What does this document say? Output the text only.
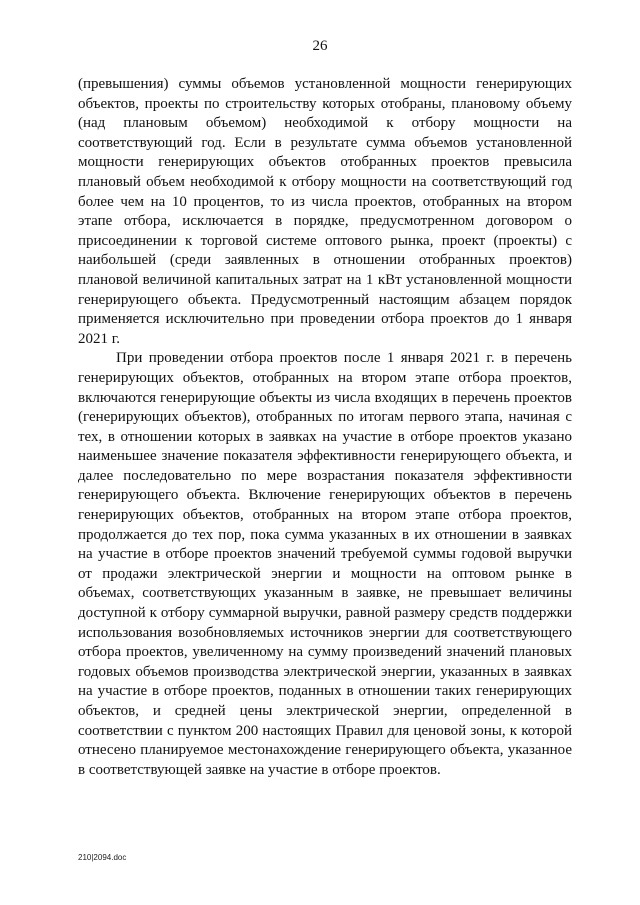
26

(превышения) суммы объемов установленной мощности генерирующих объектов, проекты по строительству которых отобраны, плановому объему (над плановым объемом) необходимой к отбору мощности на соответствующий год. Если в результате сумма объемов установленной мощности генерирующих объектов отобранных проектов превысила плановый объем необходимой к отбору мощности на соответствующий год более чем на 10 процентов, то из числа проектов, отобранных на втором этапе отбора, исключается в порядке, предусмотренном договором о присоединении к торговой системе оптового рынка, проект (проекты) с наибольшей (среди заявленных в отношении отобранных проектов) плановой величиной капитальных затрат на 1 кВт установленной мощности генерирующего объекта. Предусмотренный настоящим абзацем порядок применяется исключительно при проведении отбора проектов до 1 января 2021 г.

При проведении отбора проектов после 1 января 2021 г. в перечень генерирующих объектов, отобранных на втором этапе отбора проектов, включаются генерирующие объекты из числа входящих в перечень проектов (генерирующих объектов), отобранных по итогам первого этапа, начиная с тех, в отношении которых в заявках на участие в отборе проектов указано наименьшее значение показателя эффективности генерирующего объекта, и далее последовательно по мере возрастания показателя эффективности генерирующего объекта. Включение генерирующих объектов в перечень генерирующих объектов, отобранных на втором этапе отбора проектов, продолжается до тех пор, пока сумма указанных в их отношении в заявках на участие в отборе проектов значений требуемой суммы годовой выручки от продажи электрической энергии и мощности на оптовом рынке в объемах, соответствующих указанным в заявке, не превышает величины доступной к отбору суммарной выручки, равной размеру средств поддержки использования возобновляемых источников энергии для соответствующего отбора проектов, увеличенному на сумму произведений значений плановых годовых объемов производства электрической энергии, указанных в заявках на участие в отборе проектов, поданных в отношении таких генерирующих объектов, и средней цены электрической энергии, определенной в соответствии с пунктом 200 настоящих Правил для ценовой зоны, к которой отнесено планируемое местонахождение генерирующего объекта, указанное в соответствующей заявке на участие в отборе проектов.

210|2094.doc
